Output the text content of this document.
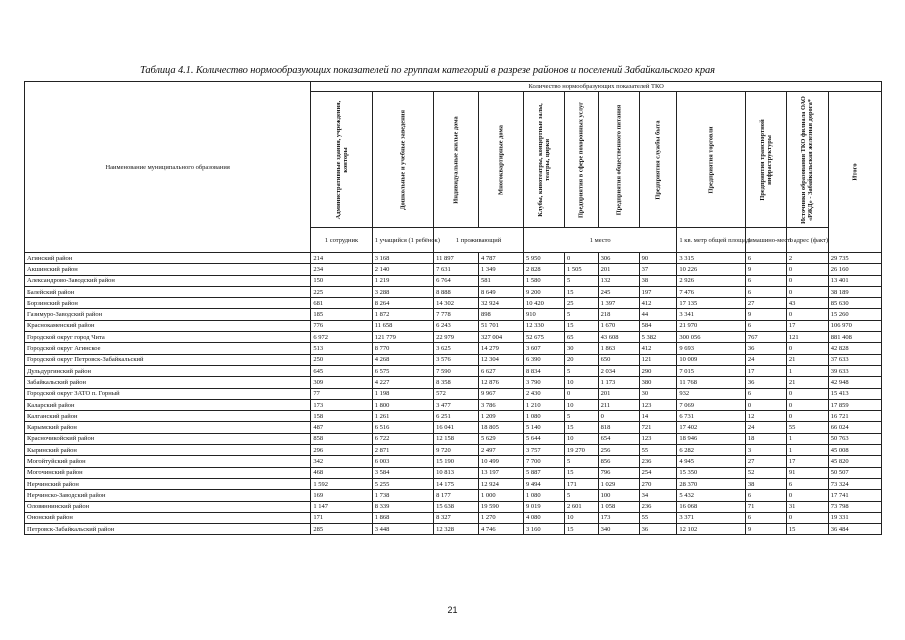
Таблица 4.1. Количество нормообразующих показателей по группам категорий в разрезе районов и поселений Забайкальского края
Наименование муниципального образования	Количество нормообразующих показателей ТКО											

	Административные здания, учреждения, конторы	Дошкольные и учебные заведения	Индивидуальные жилые дома	Многоквартирные дома	Клубы, кинотеатры, концертные залы, театры, цирки	Предприятия в сфере похоронных услуг	Предприятия общественного питания	Предприятия службы быта	Предприятия торговли	Предприятия транспортной инфраструктуры	Источники образования ТКО филиала ОАО «РЖД» - Забайкальская железная дорога*	Итого

	1 сотрудник	1 учащийся (1 ребёнок)	1 проживающий		1 место				1 кв. метр общей площади	1 машино-место	1 адрес (факт)	
Агинский район	214	3 168	11 897	4 787	5 950	0	306	90	3 315	6	2	29 735
Акшинский район	234	2 140	7 631	1 349	2 828	1 505	201	37	10 226	9	0	26 160
Александрово-Заводский район	150	1 219	6 764	581	1 580	5	132	38	2 926	6	0	13 401
Балейский район	225	3 288	8 888	8 649	9 200	15	245	197	7 476	6	0	38 189
Борзинский район	681	8 264	14 302	32 924	10 420	25	1 397	412	17 135	27	43	85 630
Газимуро-Заводский район	185	1 872	7 778	898	910	5	218	44	3 341	9	0	15 260
Краснокаменский район	776	11 658	6 243	51 701	12 330	15	1 670	584	21 970	6	17	106 970
Городской округ город Чита	6 972	121 779	22 979	327 004	52 675	65	43 608	5 382	300 056	767	121	881 408
Городской округ Агинское	513	8 770	3 625	14 279	3 607	30	1 863	412	9 693	36	0	42 828
Городской округ Петровск-Забайкальский	250	4 268	3 576	12 304	6 390	20	650	121	10 009	24	21	37 633
Дульдургинский район	645	6 575	7 590	6 627	8 834	5	2 034	290	7 015	17	1	39 633
Забайкальский район	309	4 227	8 358	12 876	3 790	10	1 173	380	11 768	36	21	42 948
Городской округ ЗАТО п. Горный	77	1 198	572	9 967	2 430	0	201	30	932	6	0	15 413
Каларский район	173	1 800	3 477	3 786	1 210	10	211	123	7 069	0	0	17 859
Калганский район	158	1 261	6 251	1 209	1 080	5	0	14	6 731	12	0	16 721
Карымский район	487	6 516	16 041	18 805	5 140	15	818	721	17 402	24	55	66 024
Красночикойский район	858	6 722	12 158	5 629	5 644	10	654	123	18 946	18	1	50 763
Кыринский район	296	2 871	9 720	2 497	3 757	19 270	256	55	6 282	3	1	45 008
Могойтуйский район	342	6 003	15 190	10 499	7 700	5	856	236	4 945	27	17	45 820
Могочинский район	468	3 584	10 813	13 197	5 887	15	796	254	15 350	52	91	50 507
Нерчинский район	1 592	5 255	14 175	12 924	9 494	171	1 029	270	28 370	38	6	73 324
Нерчинско-Заводский район	169	1 738	8 177	1 000	1 080	5	100	34	5 432	6	0	17 741
Оловяннинский район	1 147	8 339	15 638	19 590	9 019	2 601	1 058	236	16 068	71	31	73 798
Ононский район	171	1 868	8 327	1 270	4 080	10	173	55	3 371	6	0	19 331
Петровск-Забайкальский район	285	3 448	12 328	4 746	3 160	15	340	36	12 102	9	15	36 484
21
